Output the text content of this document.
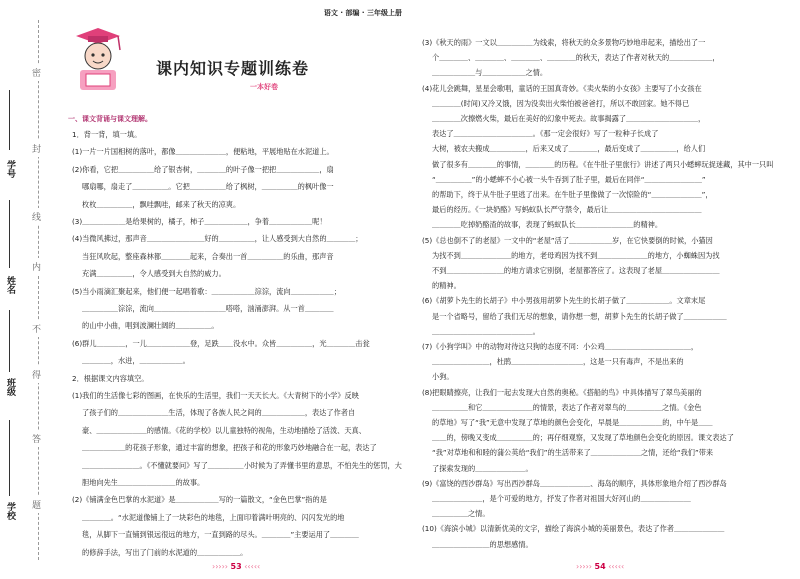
密
封
线
内
不
得
答
题
学号
姓名
班级
学校
语文 · 部编 · 三年级上册
课内知识专题训练卷
一本好卷
一、课文背诵与课文理解。
1．背一背，填一填。
(1)一片一片国相树的落叶，都像＿＿＿＿＿＿＿，便粘地，平展地贴在水泥道上。
(2)你看，它把＿＿＿＿＿给了银杏树，＿＿＿＿的叶子像一把把＿＿＿＿＿＿，扇
哪扇哪，扇走了＿＿＿＿＿。它把＿＿＿＿＿给了枫树，＿＿＿＿＿的枫叶像一
枚枚＿＿＿＿＿，飘哇飘哇，邮来了秋天的凉爽。
(3)＿＿＿＿＿＿是给果树的，橘子，柿子＿＿＿＿＿＿，争着＿＿＿＿＿＿呢！
(4)当微风拂过，那声音＿＿＿＿＿＿＿＿好的＿＿＿＿＿，让人感受到大自然的＿＿＿＿；
当狂风吹起，整座森林都＿＿＿＿起来，合奏出一首＿＿＿＿＿的乐曲，那声音
充满＿＿＿＿＿，令人感受到大自然的威力。
(5)当小雨滴汇聚起来，他们便一起唱着歌：＿＿＿＿＿＿淙淙，流向＿＿＿＿＿＿；
＿＿＿＿＿淙淙，流向＿＿＿＿＿＿＿＿＿＿嗒嗒，汹涌澎湃。从一首＿＿＿＿
的山中小曲，唱到波澜壮阔的＿＿＿＿＿。
(6)群儿＿＿＿＿，一儿＿＿＿＿＿＿登，足跌＿＿没水中。众皆＿＿＿＿＿，光＿＿＿＿击瓮
＿＿＿＿，水迸，＿＿＿＿＿＿。
2．根据课文内容填空。
(1)我们的生活像七彩的图画，在快乐的生活里，我们一天天长大。《大青树下的小学》反映
了孩子们的＿＿＿＿＿＿＿生活，体现了各族人民之间的＿＿＿＿＿＿，表达了作者自
豪、＿＿＿＿＿＿＿的感情。《花的学校》以儿童独特的视角，生动地描绘了活泼、天真、
＿＿＿＿＿＿的花孩子形象，通过丰富的想象，把孩子和花的形象巧妙地融合在一起，表达了
＿＿＿＿＿＿＿＿。《不懂就要问》写了＿＿＿＿＿小时候为了弄懂书里的意思，不怕先生的惩罚，大
胆地向先生＿＿＿＿＿＿＿＿的故事。
(2)《铺满金色巴掌的水泥道》是＿＿＿＿＿＿写的一篇散文，“金色巴掌”指的是
＿＿＿＿。“水泥道像铺上了一块彩色的地毯，上面印着满叶明亮的、闪闪发光的地
毯，从脚下一直铺到银远很远的地方，一直到路的尽头。＿＿＿＿”主要运用了＿＿＿＿
的修辞手法，写出了门前的水泥道的＿＿＿＿＿＿。
››››› 53 ‹‹‹‹‹
(3)《秋天的雨》一文以＿＿＿＿＿为线索，将秋天的众多景物巧妙地串起来，描绘出了一
个＿＿＿＿、＿＿＿＿、＿＿＿＿、＿＿＿＿的秋天，表达了作者对秋天的＿＿＿＿＿＿，
＿＿＿＿＿＿与＿＿＿＿＿＿之情。
(4)花儿会跳舞，星星会歌唱，童话的王国真奇妙。《卖火柴的小女孩》主要写了小女孩在
＿＿＿＿(时间)又冷又饿，因为没卖出火柴怕被爸爸打，所以不敢回家。她不得已
＿＿＿＿次擦燃火柴，最后在美好的幻象中死去。故事揭露了＿＿＿＿＿＿＿＿＿＿，
表达了＿＿＿＿＿＿＿＿＿＿＿。《那一定会很好》写了一粒种子长成了
大树，被农夫搬成＿＿＿＿＿，后来又成了＿＿＿＿，最后变成了＿＿＿＿＿，给人们
做了很多有＿＿＿＿的事情，＿＿＿＿的历程。《在牛肚子里旅行》讲述了两只小蟋蟀玩捉迷藏，其中一只叫
“＿＿＿＿＿”的小蟋蟀不小心被一头牛吞到了肚子里，最后在同伴“＿＿＿＿＿＿＿＿”
的帮助下，终于从牛肚子里逃了出来。在牛肚子里像做了一次惊险的“＿＿＿＿＿＿＿”，
最后的经历。《一块奶酪》写蚂蚁队长严守禁令，最后让＿＿＿＿＿＿＿＿＿＿＿＿＿
＿＿＿＿吃掉奶酪渣的故事，表现了蚂蚁队长＿＿＿＿＿＿＿＿的精神。
(5)《总也倒不了的老屋》一文中的“老屋”活了＿＿＿＿＿＿岁，在它快要倒的时候，小猫因
为找不到＿＿＿＿＿＿＿的地方，老母鸡因为找不到＿＿＿＿＿＿＿的地方，小蜘蛛因为找
不到＿＿＿＿＿＿＿＿的地方请求它别倒，老屋都答应了。这表现了老屋＿＿＿＿＿＿＿＿
的精神。
(6)《胡萝卜先生的长胡子》中小男孩用胡萝卜先生的长胡子做了＿＿＿＿＿＿。文章末尾
是一个省略号，留给了我们无尽的想象，请你想一想，胡萝卜先生的长胡子做了＿＿＿＿＿＿
＿＿＿＿＿＿＿＿＿＿＿＿＿＿。
(7)《小狗学叫》中的动物对待这只狗的态度不同：小公鸡＿＿＿＿＿＿＿＿＿＿＿＿，
＿＿＿＿＿＿＿＿，杜鹃＿＿＿＿＿＿＿＿＿＿，这是一只有毒声，不是出来的
小狗。
(8)把眼睛擦亮，让我们一起去发现大自然的奥秘。《搭船的鸟》中具体描写了翠鸟美丽的
＿＿＿＿＿和它＿＿＿＿＿＿＿的情景，表达了作者对翠鸟的＿＿＿＿＿之情。《金色
的草地》写了“我”无意中发现了草地的颜色会变化，早晨是＿＿＿＿＿＿的，中午是＿＿
＿＿的，傍晚又变成＿＿＿＿＿的；再仔细观察，又发现了草地颜色会变化的原因。课文表达了
“我”对草地和和睦的蒲公英给“我们”的生活带来了＿＿＿＿＿＿＿之情，还给“我们”带来
了探索发现的＿＿＿＿＿＿＿。
(9)《富饶的西沙群岛》写出西沙群岛＿＿＿＿＿＿＿、海岛的顺序，具体形象地介绍了西沙群岛
＿＿＿＿＿＿＿，是个可爱的地方，抒发了作者对祖国大好河山的＿＿＿＿＿＿＿
＿＿＿＿＿之情。
(10)《海滨小城》以清新优美的文字，描绘了海滨小城的美丽景色，表达了作者＿＿＿＿＿＿＿
＿＿＿＿＿＿＿＿的思想感情。
››››› 54 ‹‹‹‹‹
